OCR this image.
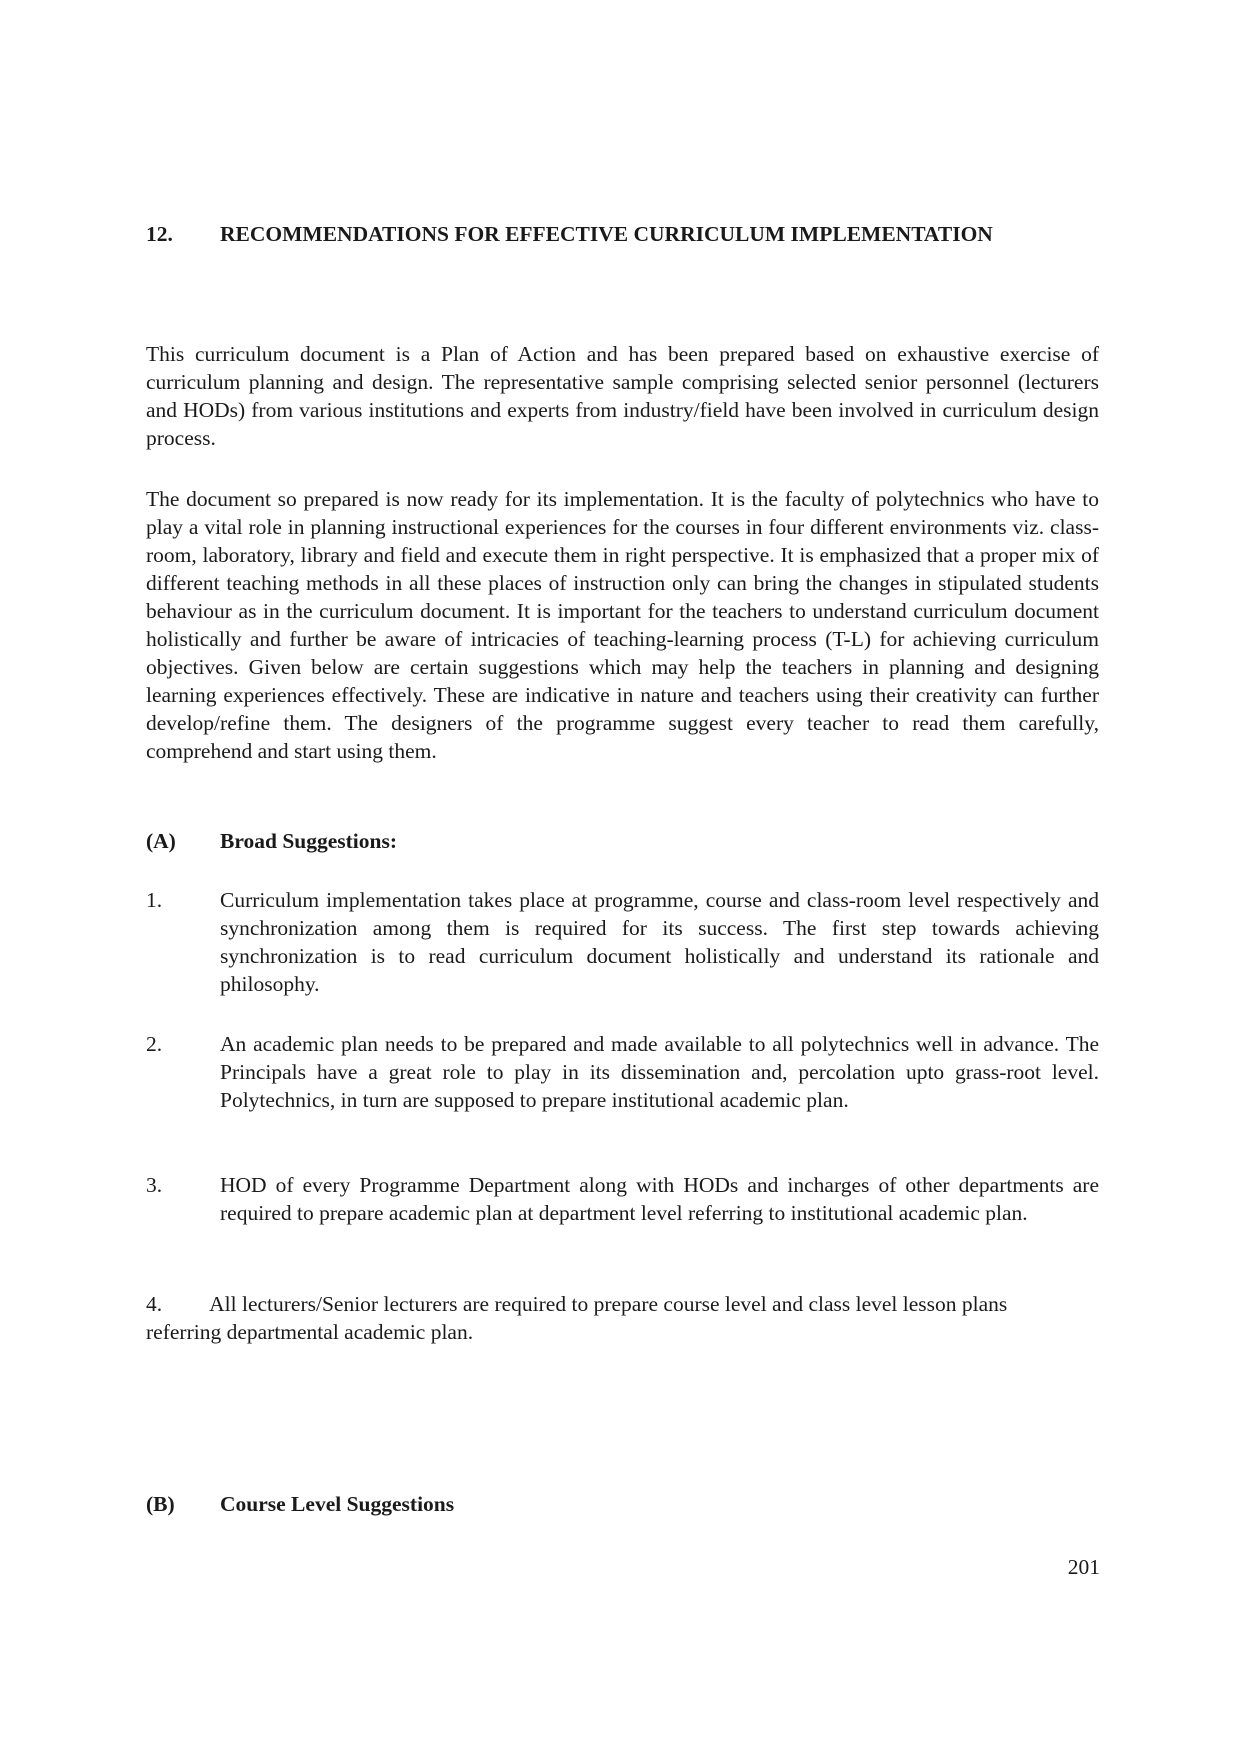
12. RECOMMENDATIONS FOR EFFECTIVE CURRICULUM IMPLEMENTATION

This curriculum document is a Plan of Action and has been prepared based on exhaustive exercise of curriculum planning and design. The representative sample comprising selected senior personnel (lecturers and HODs) from various institutions and experts from industry/field have been involved in curriculum design process.

The document so prepared is now ready for its implementation. It is the faculty of polytechnics who have to play a vital role in planning instructional experiences for the courses in four different environments viz. class-room, laboratory, library and field and execute them in right perspective. It is emphasized that a proper mix of different teaching methods in all these places of instruction only can bring the changes in stipulated students behaviour as in the curriculum document. It is important for the teachers to understand curriculum document holistically and further be aware of intricacies of teaching-learning process (T-L) for achieving curriculum objectives. Given below are certain suggestions which may help the teachers in planning and designing learning experiences effectively. These are indicative in nature and teachers using their creativity can further develop/refine them. The designers of the programme suggest every teacher to read them carefully, comprehend and start using them.

(A) Broad Suggestions:
1.	Curriculum implementation takes place at programme, course and class-room level respectively and synchronization among them is required for its success. The first step towards achieving synchronization is to read curriculum document holistically and understand its rationale and philosophy.
2.	An academic plan needs to be prepared and made available to all polytechnics well in advance. The Principals have a great role to play in its dissemination and, percolation upto grass-root level. Polytechnics, in turn are supposed to prepare institutional academic plan.
3.	HOD of every Programme Department along with HODs and incharges of other departments are required to prepare academic plan at department level referring to institutional academic plan.
4. All lecturers/Senior lecturers are required to prepare course level and class level lesson plans referring departmental academic plan.
(B) Course Level Suggestions
201
